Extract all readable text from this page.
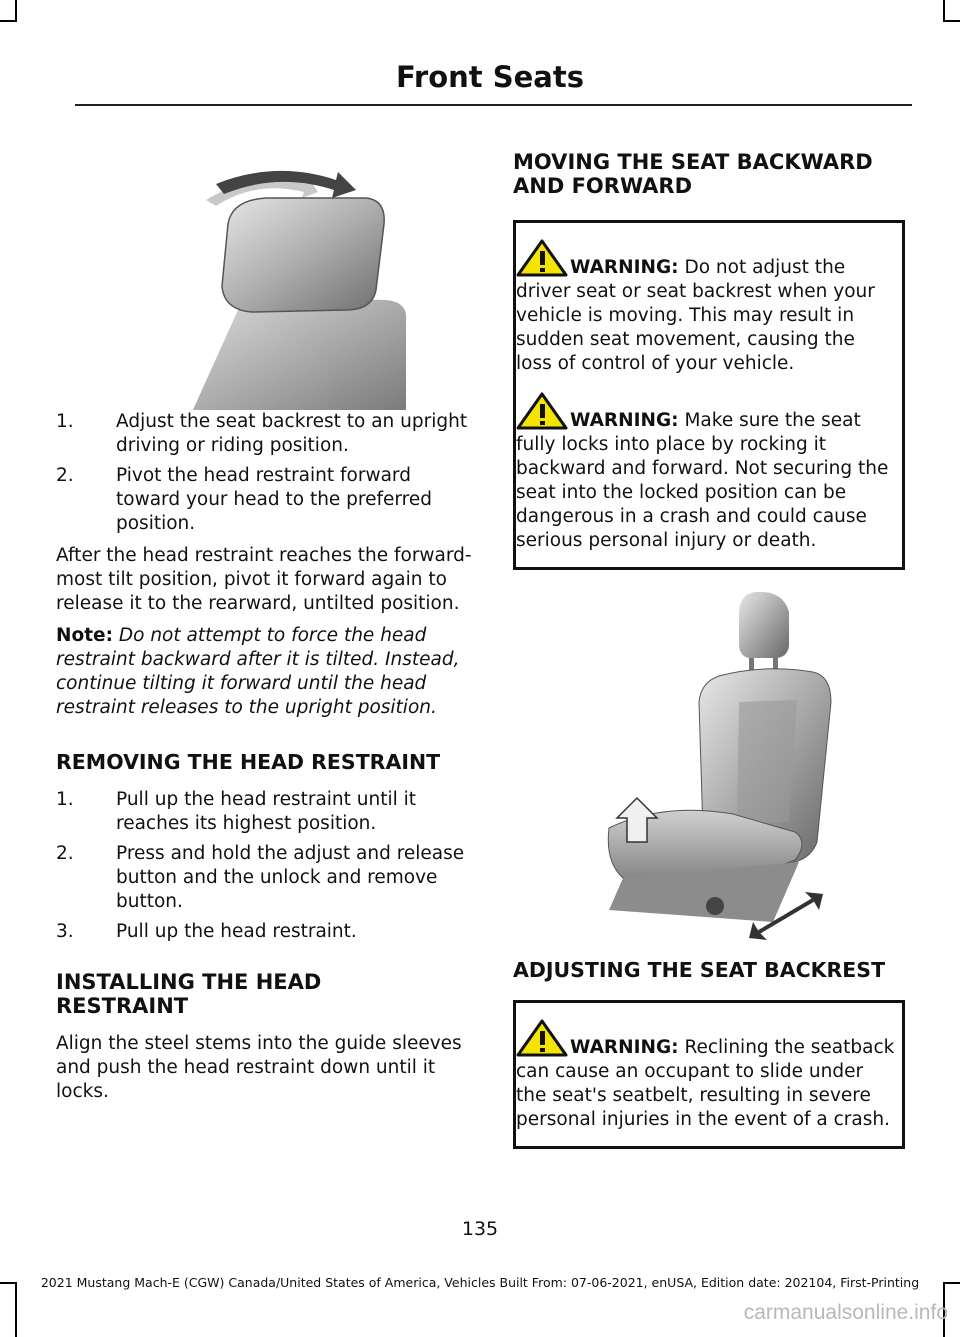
Front Seats
1. Adjust the seat backrest to an upright driving or riding position.
2. Pivot the head restraint forward toward your head to the preferred position.

After the head restraint reaches the forward-most tilt position, pivot it forward again to release it to the rearward, untilted position.

Note: Do not attempt to force the head restraint backward after it is tilted. Instead, continue tilting it forward until the head restraint releases to the upright position.

REMOVING THE HEAD RESTRAINT
1. Pull up the head restraint until it reaches its highest position.
2. Press and hold the adjust and release button and the unlock and remove button.
3. Pull up the head restraint.
INSTALLING THE HEAD RESTRAINT

Align the steel stems into the guide sleeves and push the head restraint down until it locks.

MOVING THE SEAT BACKWARD AND FORWARD

WARNING: Do not adjust the driver seat or seat backrest when your vehicle is moving. This may result in sudden seat movement, causing the loss of control of your vehicle.

WARNING: Make sure the seat fully locks into place by rocking it backward and forward. Not securing the seat into the locked position can be dangerous in a crash and could cause serious personal injury or death.

ADJUSTING THE SEAT BACKREST

WARNING: Reclining the seatback can cause an occupant to slide under the seat's seatbelt, resulting in severe personal injuries in the event of a crash.

135
2021 Mustang Mach-E (CGW) Canada/United States of America, Vehicles Built From: 07-06-2021, enUSA, Edition date: 202104, First-Printing
carmanualsonline.info
